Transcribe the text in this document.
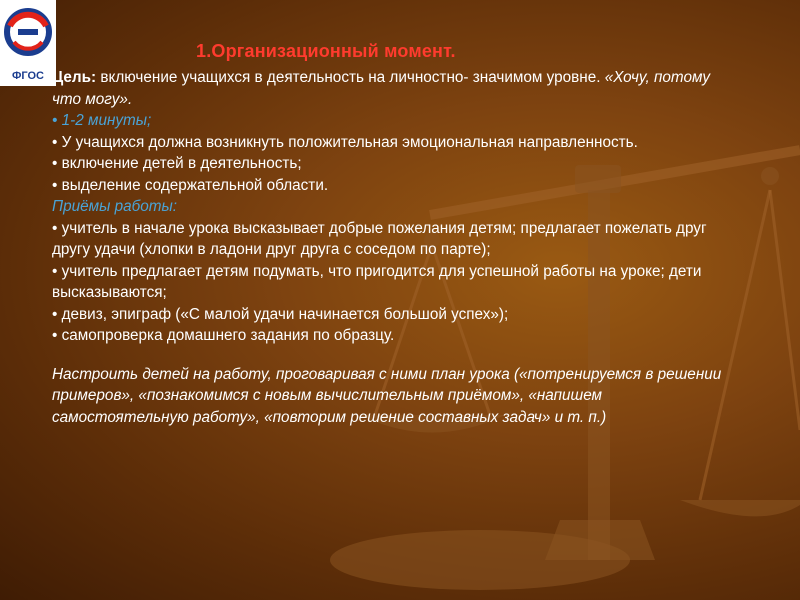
ФГОС
1.Организационный момент.

Цель: включение учащихся в деятельность на личностно- значимом уровне. «Хочу, потому что могу».

• 1-2 минуты;

• У учащихся должна возникнуть положительная эмоциональная направленность.

• включение детей в деятельность;

• выделение содержательной области.

Приёмы работы:

• учитель в начале урока высказывает добрые пожелания детям; предлагает пожелать друг другу удачи (хлопки в ладони друг друга с соседом по парте);

• учитель предлагает детям подумать, что пригодится для успешной работы на уроке; дети высказываются;

• девиз, эпиграф («С малой удачи начинается большой успех»);

• самопроверка домашнего задания по образцу.

Настроить детей на работу, проговаривая с ними план урока («потренируемся в решении примеров», «познакомимся с новым вычислительным приёмом», «напишем самостоятельную работу», «повторим решение составных задач» и т. п.)
